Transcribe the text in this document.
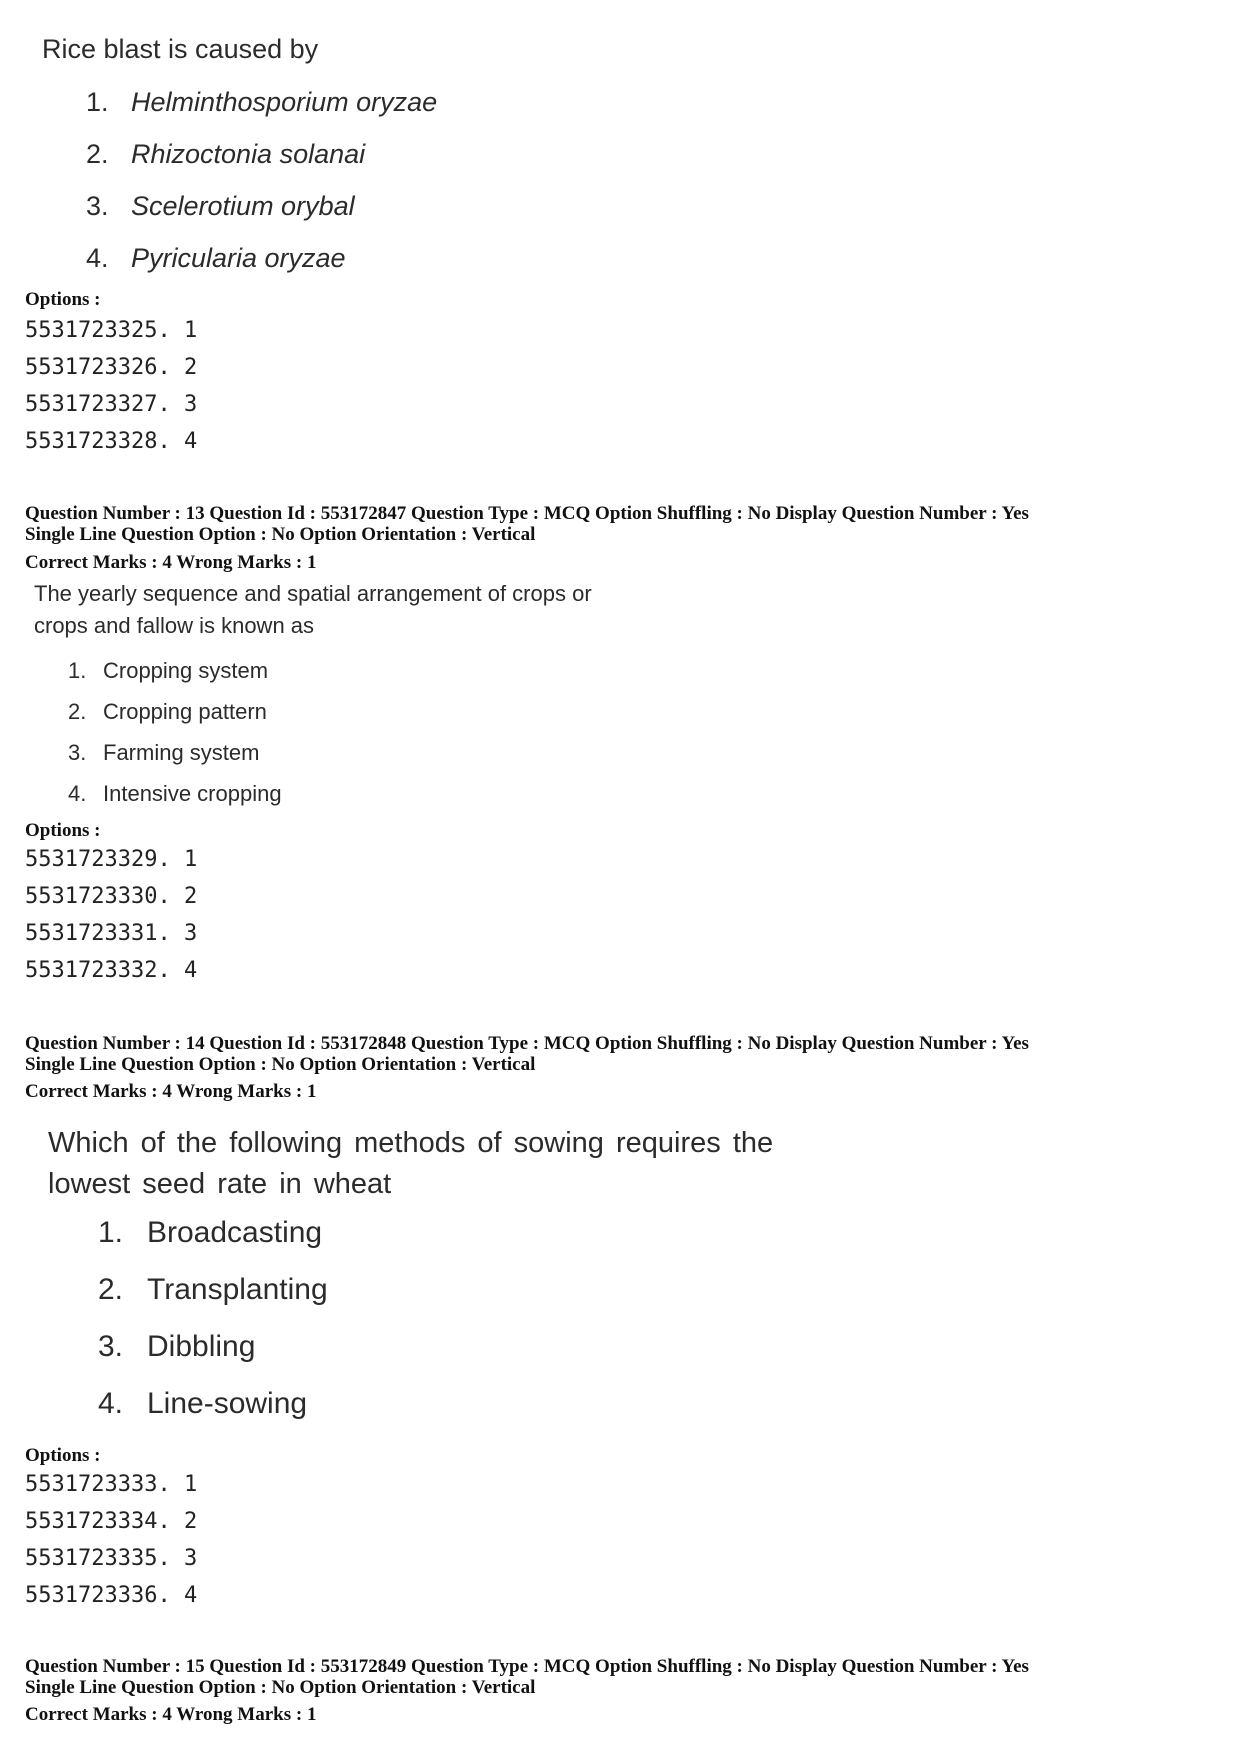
Rice blast is caused by
1. Helminthosporium oryzae
2. Rhizoctonia solanai
3. Scelerotium orybal
4. Pyricularia oryzae
Options :
5531723325. 1
5531723326. 2
5531723327. 3
5531723328. 4
Question Number : 13 Question Id : 553172847 Question Type : MCQ Option Shuffling : No Display Question Number : Yes
Single Line Question Option : No Option Orientation : Vertical
Correct Marks : 4 Wrong Marks : 1
The yearly sequence and spatial arrangement of crops or
crops and fallow is known as
1. Cropping system
2. Cropping pattern
3. Farming system
4. Intensive cropping
Options :
5531723329. 1
5531723330. 2
5531723331. 3
5531723332. 4
Question Number : 14 Question Id : 553172848 Question Type : MCQ Option Shuffling : No Display Question Number : Yes
Single Line Question Option : No Option Orientation : Vertical
Correct Marks : 4 Wrong Marks : 1
Which of the following methods of sowing requires the
lowest seed rate in wheat
1. Broadcasting
2. Transplanting
3. Dibbling
4. Line-sowing
Options :
5531723333. 1
5531723334. 2
5531723335. 3
5531723336. 4
Question Number : 15 Question Id : 553172849 Question Type : MCQ Option Shuffling : No Display Question Number : Yes
Single Line Question Option : No Option Orientation : Vertical
Correct Marks : 4 Wrong Marks : 1
